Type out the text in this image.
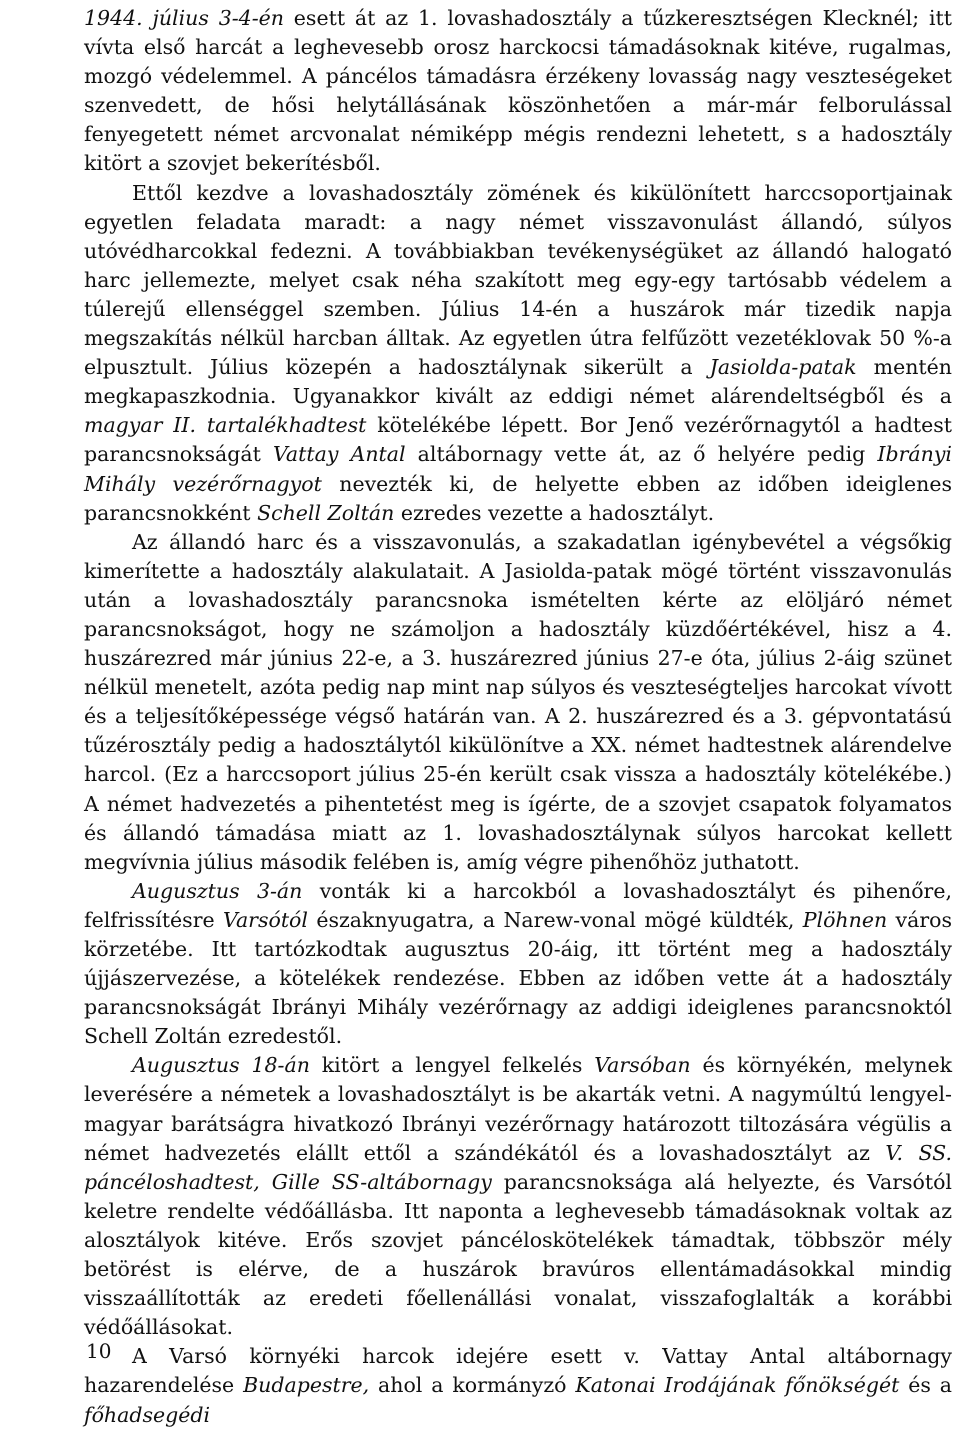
1944. július 3-4-én esett át az 1. lovashadosztály a tűzkeresztségen Klecknél; itt vívta első harcát a leghevesebb orosz harckocsi támadásoknak kitéve, rugalmas, mozgó védelemmel. A páncélos támadásra érzékeny lovasság nagy veszteségeket szenvedett, de hősi helytállásának köszönhetően a már-már felborulással fenyegetett német arcvonalat némiképp mégis rendezni lehetett, s a hadosztály kitört a szovjet bekerítésből.

Ettől kezdve a lovashadosztály zömének és kikülönített harccsoportjainak egyetlen feladata maradt: a nagy német visszavonulást állandó, súlyos utóvédharcokkal fedezni. A továbbiakban tevékenységüket az állandó halogató harc jellemezte, melyet csak néha szakított meg egy-egy tartósabb védelem a túlerejű ellenséggel szemben. Július 14-én a huszárok már tizedik napja megszakítás nélkül harcban álltak. Az egyetlen útra felfűzött vezetéklovak 50 %-a elpusztult. Július közepén a hadosztálynak sikerült a Jasiolda-patak mentén megkapaszkodnia. Ugyanakkor kivált az eddigi német alárendeltségből és a magyar II. tartalékhadtest kötelékébe lépett. Bor Jenő vezérőrnagytól a hadtest parancsnokságát Vattay Antal altábornagy vette át, az ő helyére pedig Ibrányi Mihály vezérőrnagyot nevezték ki, de helyette ebben az időben ideiglenes parancsnokként Schell Zoltán ezredes vezette a hadosztályt.

Az állandó harc és a visszavonulás, a szakadatlan igénybevétel a végsőkig kimerítette a hadosztály alakulatait. A Jasiolda-patak mögé történt visszavonulás után a lovashadosztály parancsnoka ismételten kérte az elöljáró német parancsnokságot, hogy ne számoljon a hadosztály küzdőértékével, hisz a 4. huszárezred már június 22-e, a 3. huszárezred június 27-e óta, július 2-áig szünet nélkül menetelt, azóta pedig nap mint nap súlyos és veszteségteljes harcokat vívott és a teljesítőképessége végső határán van. A 2. huszárezred és a 3. gépvontatású tűzérosztály pedig a hadosztálytól kikülönítve a XX. német hadtestnek alárendelve harcol. (Ez a harccsoport július 25-én került csak vissza a hadosztály kötelékébe.) A német hadvezetés a pihentetést meg is ígérte, de a szovjet csapatok folyamatos és állandó támadása miatt az 1. lovashadosztálynak súlyos harcokat kellett megvívnia július második felében is, amíg végre pihenőhöz juthatott.

Augusztus 3-án vonták ki a harcokból a lovashadosztályt és pihenőre, felfrissítésre Varsótól északnyugatra, a Narew-vonal mögé küldték, Plöhnen város körzetébe. Itt tartózkodtak augusztus 20-áig, itt történt meg a hadosztály újjászervezése, a kötelékek rendezése. Ebben az időben vette át a hadosztály parancsnokságát Ibrányi Mihály vezérőrnagy az addigi ideiglenes parancsnoktól Schell Zoltán ezredestől.

Augusztus 18-án kitört a lengyel felkelés Varsóban és környékén, melynek leverésére a németek a lovashadosztályt is be akarták vetni. A nagymúltú lengyel-magyar barátságra hivatkozó Ibrányi vezérőrnagy határozott tiltozására végülis a német hadvezetés elállt ettől a szándékától és a lovashadosztályt az V. SS. páncéloshadtest, Gille SS-altábornagy parancsnoksága alá helyezte, és Varsótól keletre rendelte védőállásba. Itt naponta a leghevesebb támadásoknak voltak az alosztályok kitéve. Erős szovjet páncéloskötelékek támadtak, többször mély betörést is elérve, de a huszárok bravúros ellentámadásokkal mindig visszaállították az eredeti főellenállási vonalat, visszafoglalták a korábbi védőállásokat.

A Varsó környéki harcok idejére esett v. Vattay Antal altábornagy hazarendelése Budapestre, ahol a kormányzó Katonai Irodájának főnökségét és a főhadsegédi

10
